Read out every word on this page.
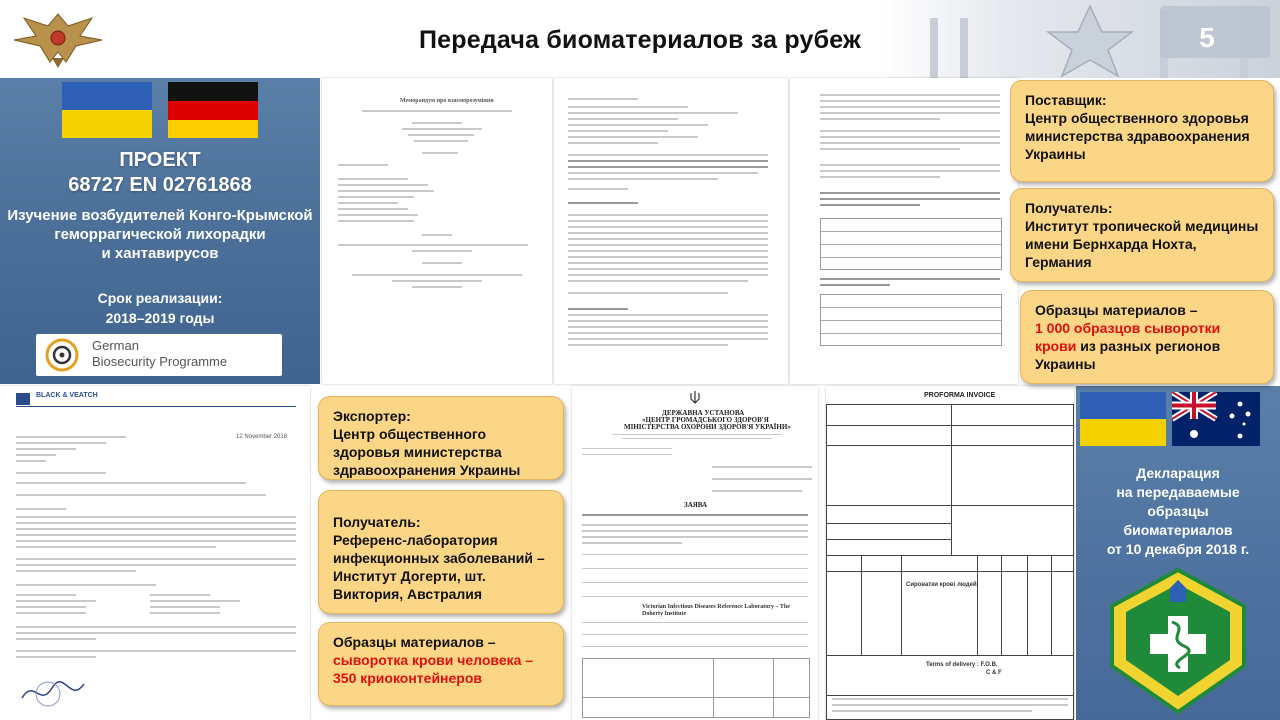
Передача биоматериалов за рубеж	5
ПРОЕКТ
68727 EN 02761868
Изучение возбудителей Конго-Крымской
геморрагической лихорадки
и хантавирусов
Срок реализации:
2018–2019 годы
German
Biosecurity Programme
Меморандум про взаєморозуміння
BLACK & VEATCH
12 November 2018
ДЕРЖАВНА УСТАНОВА
«ЦЕНТР ГРОМАДСЬКОГО ЗДОРОВ'Я
МІНІСТЕРСТВА ОХОРОНИ ЗДОРОВ'Я УКРАЇНИ»
ЗАЯВА
Victorian Infectious Diseases Reference Laboratory – The Doherty Institute
PROFORMA INVOICE
Сироватки крові людей
Terms of delivery : F.O.B.
C & F
Декларация
на передаваемые
образцы
биоматериалов
от 10 декабря 2018 г.
Поставщик:
Центр общественного здоровья министерства здравоохранения Украины
Получатель:
Институт тропической медицины имени Бернхарда Нохта, Германия
Образцы материалов –
1 000 образцов сыворотки крови из разных регионов Украины
Экспортер:
Центр общественного здоровья министерства здравоохранения Украины
Получатель:
Референс-лаборатория инфекционных заболеваний – Институт Догерти, шт. Виктория, Австралия
Образцы материалов –
сыворотка крови человека – 350 криоконтейнеров
